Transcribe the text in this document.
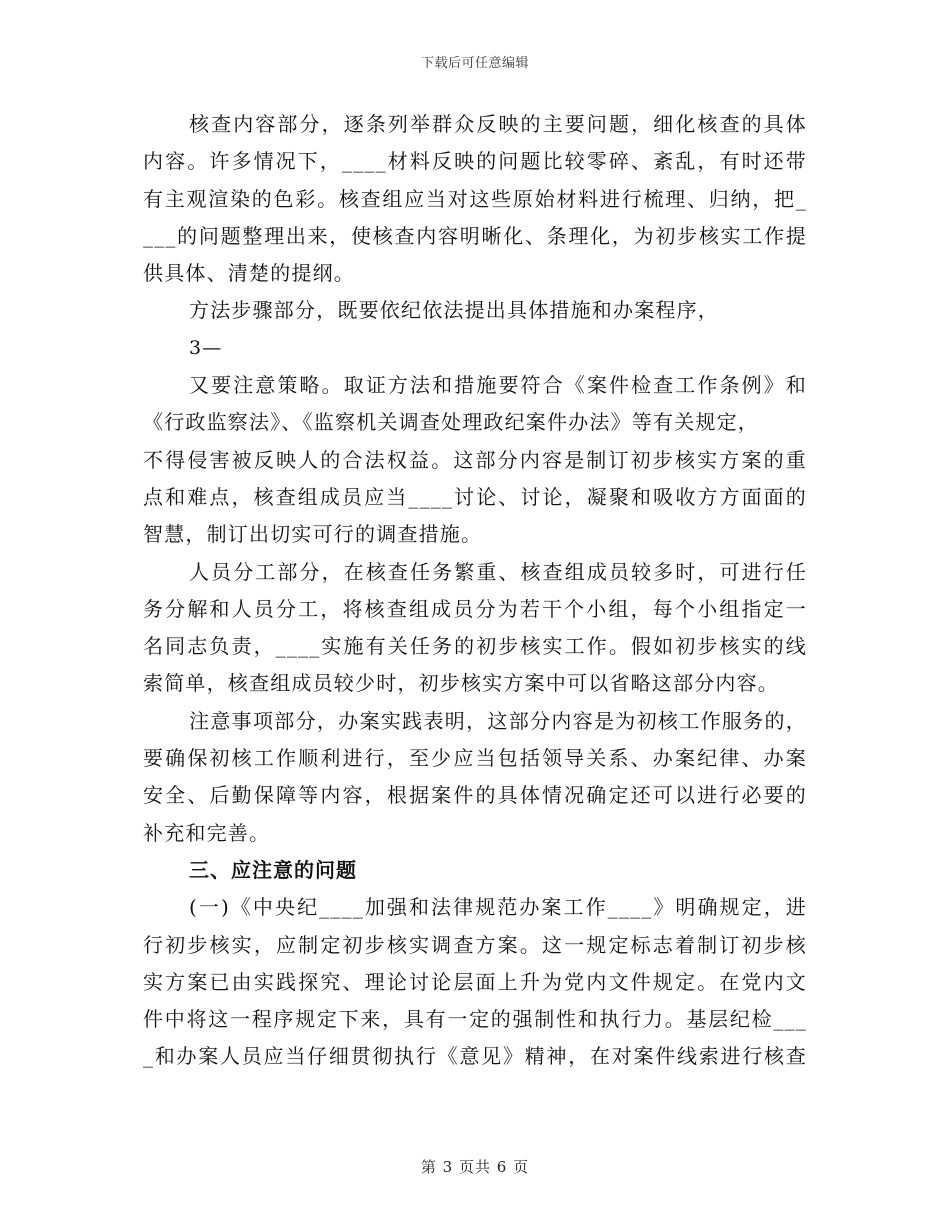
下载后可任意编辑
核查内容部分，逐条列举群众反映的主要问题，细化核查的具体
内容。许多情况下，____材料反映的问题比较零碎、紊乱，有时还带
有主观渲染的色彩。核查组应当对这些原始材料进行梳理、归纳，把_
___的问题整理出来，使核查内容明晰化、条理化，为初步核实工作提
供具体、清楚的提纲。
方法步骤部分，既要依纪依法提出具体措施和办案程序，
3—
又要注意策略。取证方法和措施要符合《案件检查工作条例》和
《行政监察法》、《监察机关调查处理政纪案件办法》等有关规定，
不得侵害被反映人的合法权益。这部分内容是制订初步核实方案的重
点和难点，核查组成员应当____讨论、讨论，凝聚和吸收方方面面的
智慧，制订出切实可行的调查措施。
人员分工部分，在核查任务繁重、核查组成员较多时，可进行任
务分解和人员分工，将核查组成员分为若干个小组，每个小组指定一
名同志负责，____实施有关任务的初步核实工作。假如初步核实的线
索简单，核查组成员较少时，初步核实方案中可以省略这部分内容。
注意事项部分，办案实践表明，这部分内容是为初核工作服务的，
要确保初核工作顺利进行，至少应当包括领导关系、办案纪律、办案
安全、后勤保障等内容，根据案件的具体情况确定还可以进行必要的
补充和完善。
三、应注意的问题
(一)《中央纪____加强和法律规范办案工作____》明确规定，进
行初步核实，应制定初步核实调查方案。这一规定标志着制订初步核
实方案已由实践探究、理论讨论层面上升为党内文件规定。在党内文
件中将这一程序规定下来，具有一定的强制性和执行力。基层纪检___
_和办案人员应当仔细贯彻执行《意见》精神，在对案件线索进行核查
第 3 页共 6 页
